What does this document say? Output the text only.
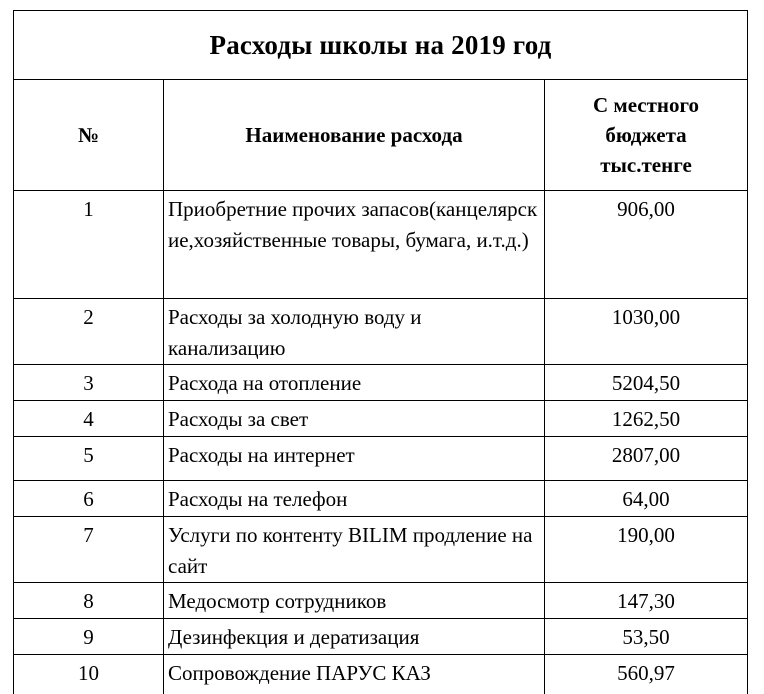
Расходы школы на 2019 год		
№	Наименование расхода	С местного бюджета тыс.тенге

1	Приобретние прочих запасов(канцелярские,хозяйственные товары, бумага, и.т.д.)	906,00
2	Расходы за холодную воду и канализацию	1030,00
3	Расхода на отопление	5204,50
4	Расходы за свет	1262,50
5	Расходы на интернет	2807,00
6	Расходы на телефон	64,00
7	Услуги по контенту BILIM продление на сайт	190,00
8	Медосмотр сотрудников	147,30
9	Дезинфекция и дератизация	53,50
10	Сопровождение ПАРУС КАЗ	560,97
